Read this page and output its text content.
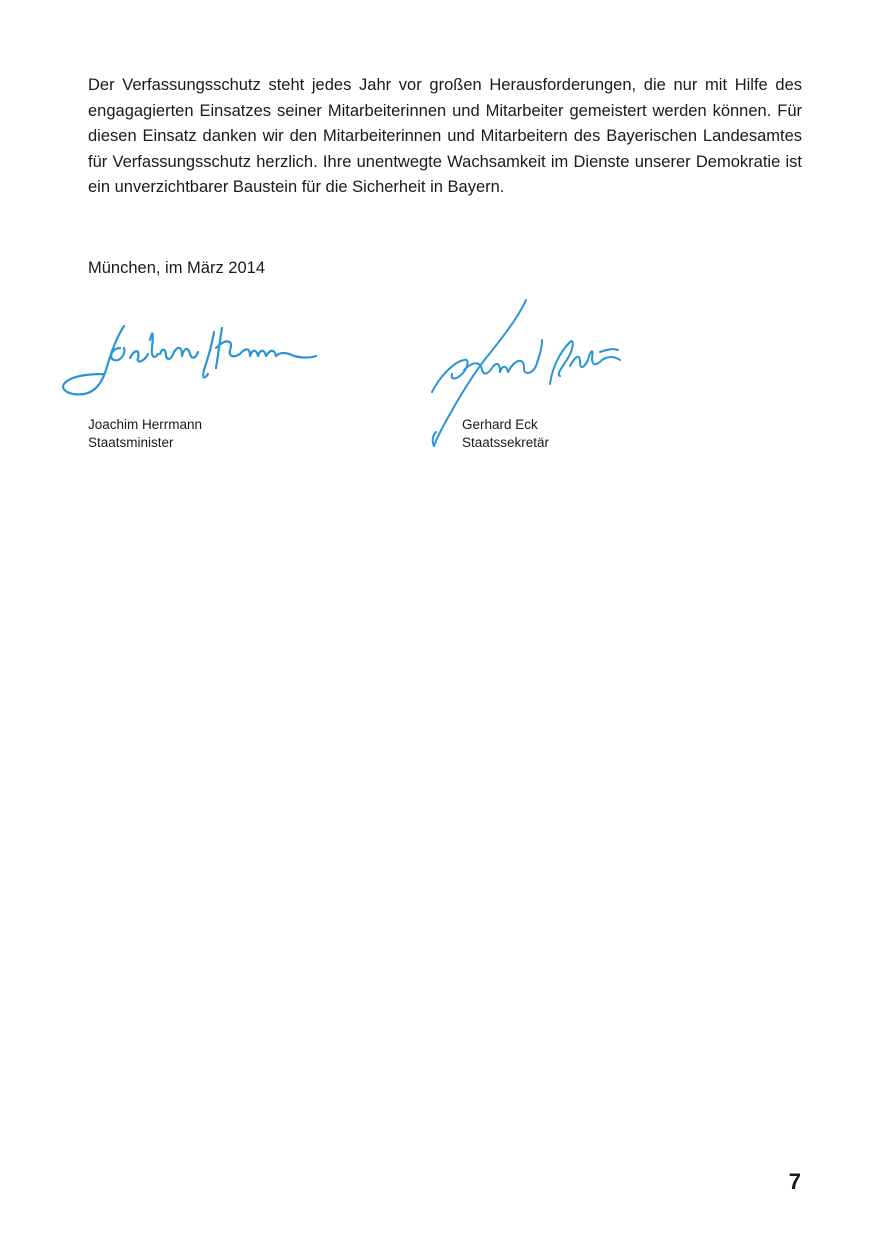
Der Verfassungsschutz steht jedes Jahr vor großen Herausforderungen, die nur mit Hilfe des engagagierten Einsatzes seiner Mitarbeiterinnen und Mitarbeiter gemeistert werden können. Für diesen Einsatz danken wir den Mitarbeiterinnen und Mitarbeitern des Bayerischen Landesamtes für Verfassungsschutz herzlich. Ihre unentwegte Wachsamkeit im Dienste unserer Demokratie ist ein unverzichtbarer Baustein für die Sicherheit in Bayern.

München, im März 2014

Joachim Herrmann
Staatsminister
Gerhard Eck
Staatssekretär
7
